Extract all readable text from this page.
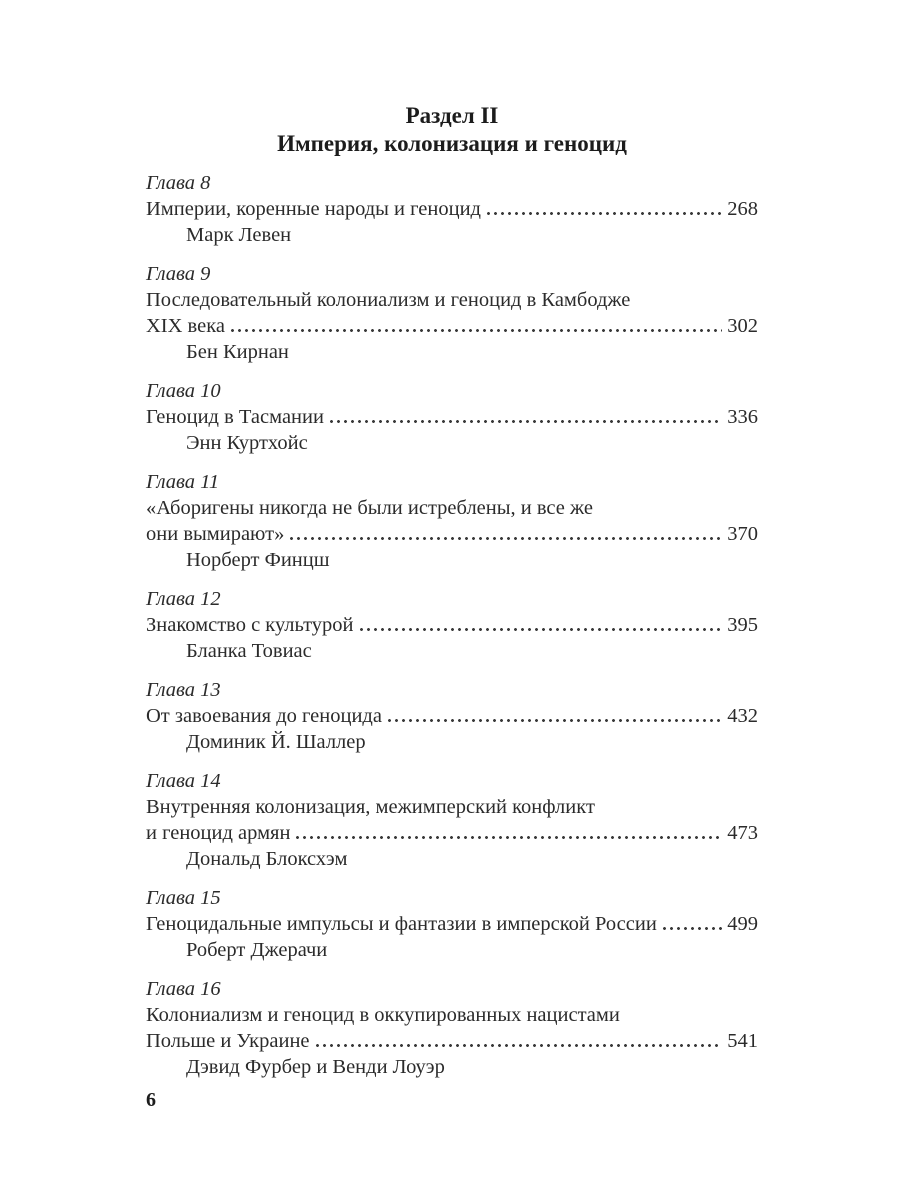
Раздел II
Империя, колонизация и геноцид
Глава 8
Империи, коренные народы и геноцид	268
Марк Левен
Глава 9
Последовательный колониализм и геноцид в Камбодже
XIX века	302
Бен Кирнан
Глава 10
Геноцид в Тасмании	336
Энн Куртхойс
Глава 11
«Аборигены никогда не были истреблены, и все же
они вымирают»	370
Норберт Финцш
Глава 12
Знакомство с культурой	395
Бланка Товиас
Глава 13
От завоевания до геноцида	432
Доминик Й. Шаллер
Глава 14
Внутренняя колонизация, межимперский конфликт
и геноцид армян	473
Дональд Блоксхэм
Глава 15
Геноцидальные импульсы и фантазии в имперской России	499
Роберт Джерачи
Глава 16
Колониализм и геноцид в оккупированных нацистами
Польше и Украине	541
Дэвид Фурбер и Венди Лоуэр
6
